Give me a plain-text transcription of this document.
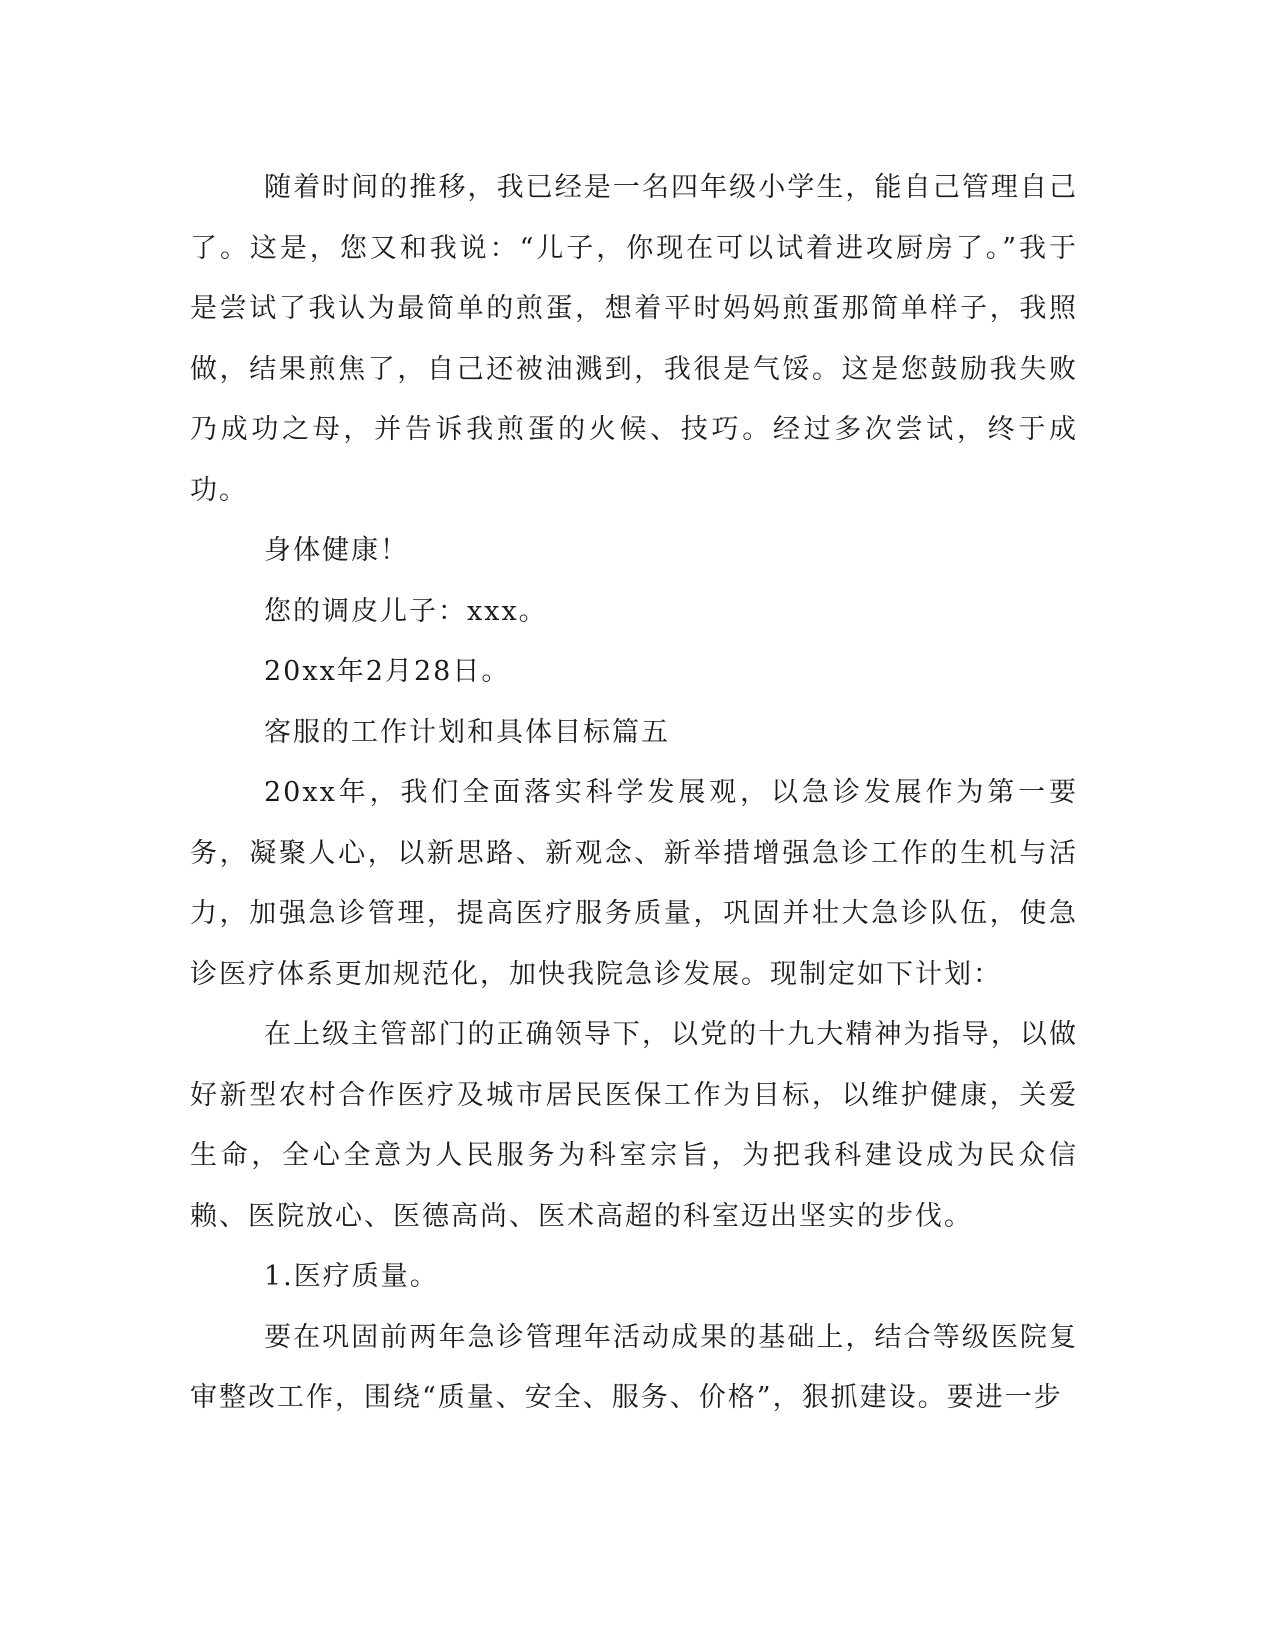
随着时间的推移，我已经是一名四年级小学生，能自己管理自己了。这是，您又和我说：“儿子，你现在可以试着进攻厨房了。”我于是尝试了我认为最简单的煎蛋，想着平时妈妈煎蛋那简单样子，我照做，结果煎焦了，自己还被油溅到，我很是气馁。这是您鼓励我失败乃成功之母，并告诉我煎蛋的火候、技巧。经过多次尝试，终于成功。

身体健康！

您的调皮儿子：xxx。

20xx年2月28日。

客服的工作计划和具体目标篇五

20xx年，我们全面落实科学发展观，以急诊发展作为第一要务，凝聚人心，以新思路、新观念、新举措增强急诊工作的生机与活力，加强急诊管理，提高医疗服务质量，巩固并壮大急诊队伍，使急诊医疗体系更加规范化，加快我院急诊发展。现制定如下计划：

在上级主管部门的正确领导下，以党的十九大精神为指导，以做好新型农村合作医疗及城市居民医保工作为目标，以维护健康，关爱生命，全心全意为人民服务为科室宗旨，为把我科建设成为民众信赖、医院放心、医德高尚、医术高超的科室迈出坚实的步伐。

1.医疗质量。

要在巩固前两年急诊管理年活动成果的基础上，结合等级医院复审整改工作，围绕“质量、安全、服务、价格”，狠抓建设。要进一步
